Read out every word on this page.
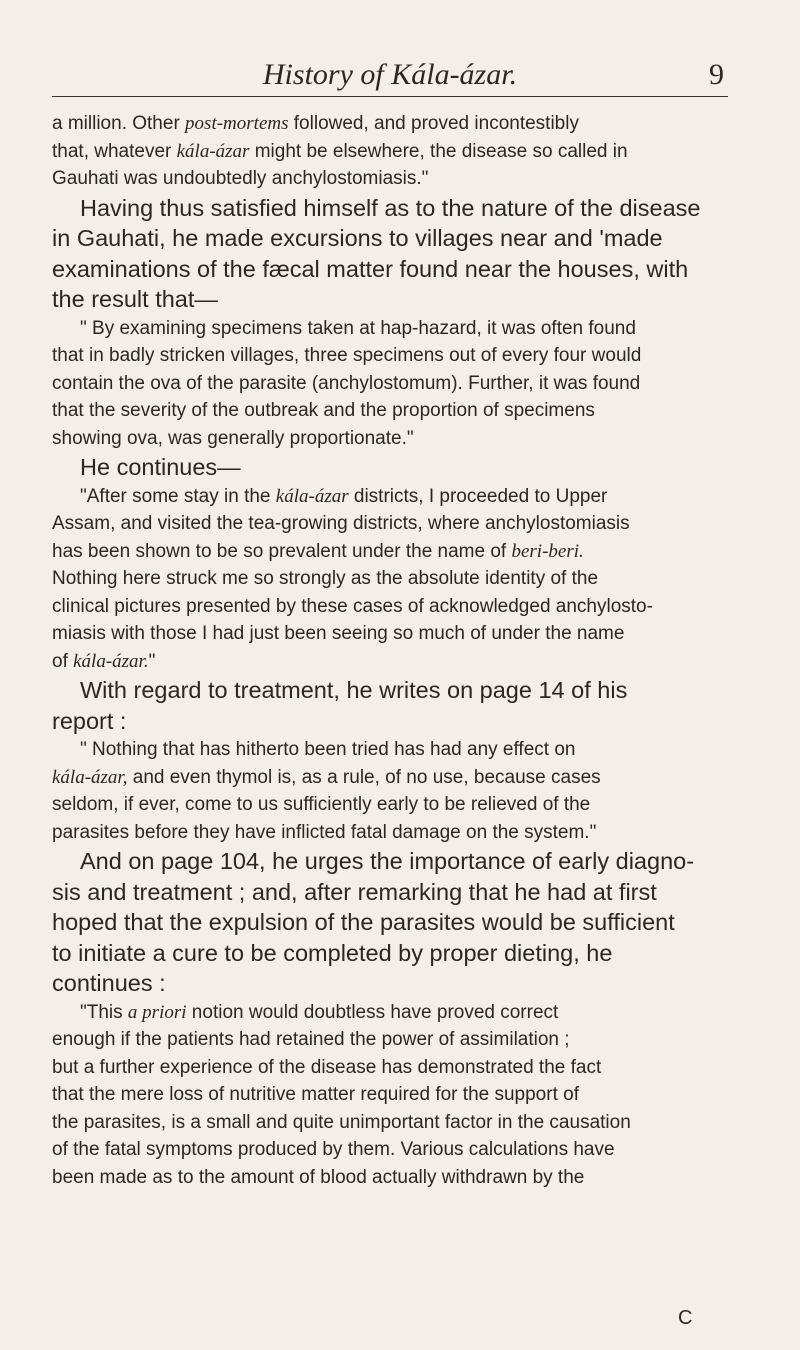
History of Kála-ázar.	9

a million. Other post-mortems followed, and proved incontestibly
that, whatever kála-ázar might be elsewhere, the disease so called in
Gauhati was undoubtedly anchylostomiasis."

Having thus satisfied himself as to the nature of the disease
in Gauhati, he made excursions to villages near and 'made
examinations of the fæcal matter found near the houses, with
the result that—

" By examining specimens taken at hap-hazard, it was often found
that in badly stricken villages, three specimens out of every four would
contain the ova of the parasite (anchylostomum). Further, it was found
that the severity of the outbreak and the proportion of specimens
showing ova, was generally proportionate."

He continues—

"After some stay in the kála-ázar districts, I proceeded to Upper
Assam, and visited the tea-growing districts, where anchylostomiasis
has been shown to be so prevalent under the name of beri-beri.
Nothing here struck me so strongly as the absolute identity of the
clinical pictures presented by these cases of acknowledged anchylosto-
miasis with those I had just been seeing so much of under the name
of kála-ázar."

With regard to treatment, he writes on page 14 of his
report :

" Nothing that has hitherto been tried has had any effect on
kála-ázar, and even thymol is, as a rule, of no use, because cases
seldom, if ever, come to us sufficiently early to be relieved of the
parasites before they have inflicted fatal damage on the system."

And on page 104, he urges the importance of early diagno-
sis and treatment ; and, after remarking that he had at first
hoped that the expulsion of the parasites would be sufficient
to initiate a cure to be completed by proper dieting, he
continues :

"This a priori notion would doubtless have proved correct
enough if the patients had retained the power of assimilation ;
but a further experience of the disease has demonstrated the fact
that the mere loss of nutritive matter required for the support of
the parasites, is a small and quite unimportant factor in the causation
of the fatal symptoms produced by them. Various calculations have
been made as to the amount of blood actually withdrawn by the

C
